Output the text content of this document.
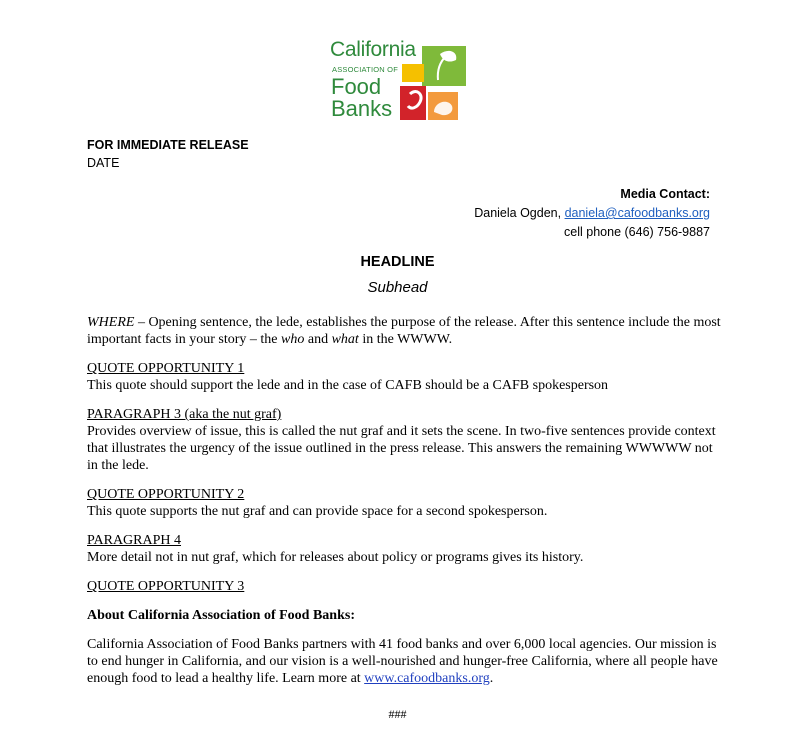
California
ASSOCIATION OF
Food
Banks
FOR IMMEDIATE RELEASE
DATE
Media Contact:
Daniela Ogden, daniela@cafoodbanks.org
cell phone (646) 756-9887
HEADLINE
Subhead

WHERE – Opening sentence, the lede, establishes the purpose of the release. After this sentence include the most important facts in your story – the who and what in the WWWW.

QUOTE OPPORTUNITY 1
This quote should support the lede and in the case of CAFB should be a CAFB spokesperson

PARAGRAPH 3 (aka the nut graf)
Provides overview of issue, this is called the nut graf and it sets the scene. In two-five sentences provide context that illustrates the urgency of the issue outlined in the press release. This answers the remaining WWWWW not in the lede.

QUOTE OPPORTUNITY 2
This quote supports the nut graf and can provide space for a second spokesperson.

PARAGRAPH 4
More detail not in nut graf, which for releases about policy or programs gives its history.

QUOTE OPPORTUNITY 3

About California Association of Food Banks:

California Association of Food Banks partners with 41 food banks and over 6,000 local agencies. Our mission is to end hunger in California, and our vision is a well-nourished and hunger-free California, where all people have enough food to lead a healthy life. Learn more at www.cafoodbanks.org.

###
